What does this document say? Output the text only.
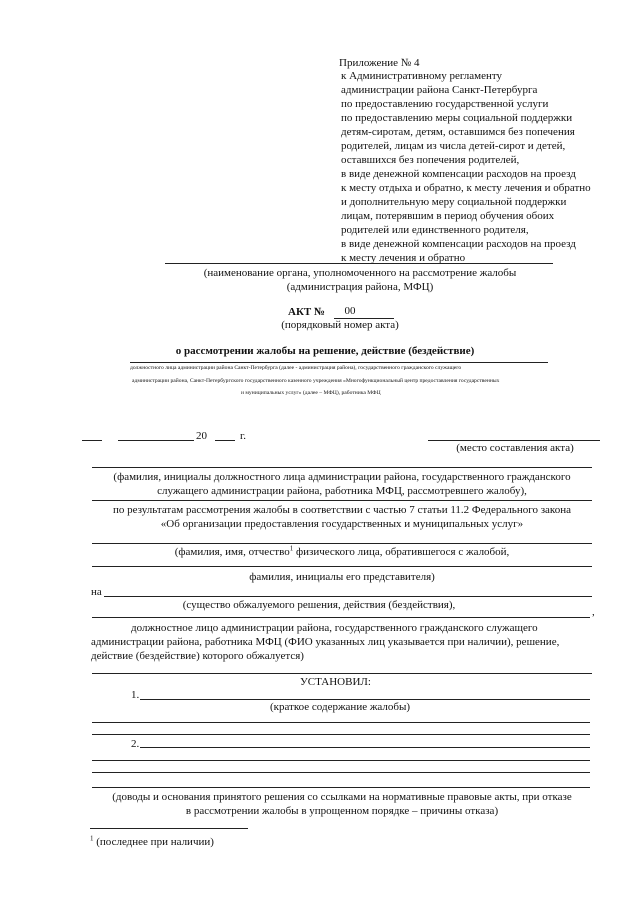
Приложение № 4
к Административному регламенту
администрации района Санкт-Петербурга
по предоставлению государственной услуги
по предоставлению меры социальной поддержки
детям-сиротам, детям, оставшимся без попечения
родителей, лицам из числа детей-сирот и детей,
оставшихся без попечения родителей,
в виде денежной компенсации расходов на проезд
к месту отдыха и обратно, к месту лечения и обратно
и дополнительную меру социальной поддержки
лицам, потерявшим в период обучения обоих
родителей или единственного родителя,
в виде денежной компенсации расходов на проезд
к месту лечения и обратно
(наименование органа, уполномоченного на рассмотрение жалобы
(администрация района, МФЦ)
АКТ №	00
(порядковый номер акта)
о рассмотрении жалобы на решение, действие (бездействие)
должностного лица администрации района Санкт-Петербурга (далее - администрация района), государственного гражданского служащего
администрации района, Санкт-Петербургского государственного казенного учреждения «Многофункциональный центр предоставления государственных
и муниципальных услуг» (далее – МФЦ), работника МФЦ
20	г.
(место составления акта)
(фамилия, инициалы должностного лица администрации района, государственного гражданского
служащего администрации района, работника МФЦ, рассмотревшего жалобу),
по результатам рассмотрения жалобы в соответствии с частью 7 статьи 11.2 Федерального закона
«Об организации предоставления государственных и муниципальных услуг»
(фамилия, имя, отчество$^1$ физического лица, обратившегося с жалобой,
фамилия, инициалы его представителя)
на
(существо обжалуемого решения, действия (бездействия),
,
должностное лицо администрации района, государственного гражданского служащего
администрации района, работника МФЦ (ФИО указанных лиц указывается при наличии), решение,
действие (бездействие) которого обжалуется)
УСТАНОВИЛ:
1.
(краткое содержание жалобы)
2.
(доводы и основания принятого решения со ссылками на нормативные правовые акты, при отказе
в рассмотрении жалобы в упрощенном порядке – причины отказа)
$^1$ (последнее при наличии)
